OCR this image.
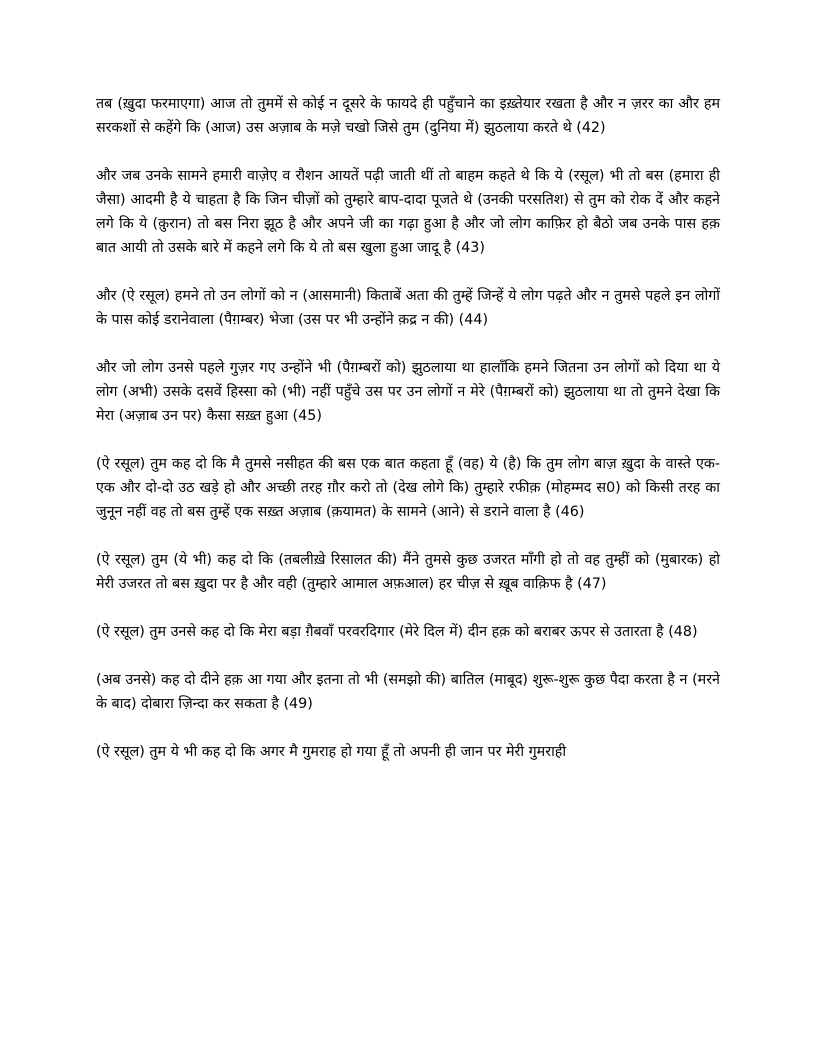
तब (ख़ुदा फरमाएगा) आज तो तुममें से कोई न दूसरे के फायदे ही पहुँचाने का इख़्तेयार रखता है और न ज़रर का और हम सरकशों से कहेंगे कि (आज) उस अज़ाब के मज़े चखो जिसे तुम (दुनिया में) झुठलाया करते थे (42)

और जब उनके सामने हमारी वाज़ेए व रौशन आयतें पढ़ी जाती थीं तो बाहम कहते थे कि ये (रसूल) भी तो बस (हमारा ही जैसा) आदमी है ये चाहता है कि जिन चीज़ों को तुम्हारे बाप-दादा पूजते थे (उनकी परसतिश) से तुम को रोक दें और कहने लगे कि ये (क़ुरान) तो बस निरा झूठ है और अपने जी का गढ़ा हुआ है और जो लोग काफ़िर हो बैठो जब उनके पास हक़ बात आयी तो उसके बारे में कहने लगे कि ये तो बस खुला हुआ जादू है (43)

और (ऐ रसूल) हमने तो उन लोगों को न (आसमानी) किताबें अता की तुम्हें जिन्हें ये लोग पढ़ते और न तुमसे पहले इन लोगों के पास कोई डरानेवाला (पैग़म्बर) भेजा (उस पर भी उन्होंने क़द्र न की) (44)

और जो लोग उनसे पहले गुज़र गए उन्होंने भी (पैग़म्बरों को) झुठलाया था हालाँकि हमने जितना उन लोगों को दिया था ये लोग (अभी) उसके दसवें हिस्सा को (भी) नहीं पहुँचे उस पर उन लोगों न मेरे (पैग़म्बरों को) झुठलाया था तो तुमने देखा कि मेरा (अज़ाब उन पर) कैसा सख़्त हुआ (45)

(ऐ रसूल) तुम कह दो कि मै तुमसे नसीहत की बस एक बात कहता हूँ (वह) ये (है) कि तुम लोग बाज़ ख़ुदा के वास्ते एक-एक और दो-दो उठ खड़े हो और अच्छी तरह ग़ौर करो तो (देख लोगे कि) तुम्हारे रफीक़ (मोहम्मद स0) को किसी तरह का जुनून नहीं वह तो बस तुम्हें एक सख़्त अज़ाब (क़यामत) के सामने (आने) से डराने वाला है (46)

(ऐ रसूल) तुम (ये भी) कह दो कि (तबलीख़े रिसालत की) मैंने तुमसे कुछ उजरत माँगी हो तो वह तुम्हीं को (मुबारक) हो मेरी उजरत तो बस ख़ुदा पर है और वही (तुम्हारे आमाल अफ़आल) हर चीज़ से ख़ूब वाक़िफ है (47)

(ऐ रसूल) तुम उनसे कह दो कि मेरा बड़ा ग़ैबवाँ परवरदिगार (मेरे दिल में) दीन हक़ को बराबर ऊपर से उतारता है (48)

(अब उनसे) कह दो दीने हक़ आ गया और इतना तो भी (समझो की) बातिल (माबूद) शुरू-शुरू कुछ पैदा करता है न (मरने के बाद) दोबारा ज़िन्दा कर सकता है (49)

(ऐ रसूल) तुम ये भी कह दो कि अगर मै गुमराह हो गया हूँ तो अपनी ही जान पर मेरी गुमराही
